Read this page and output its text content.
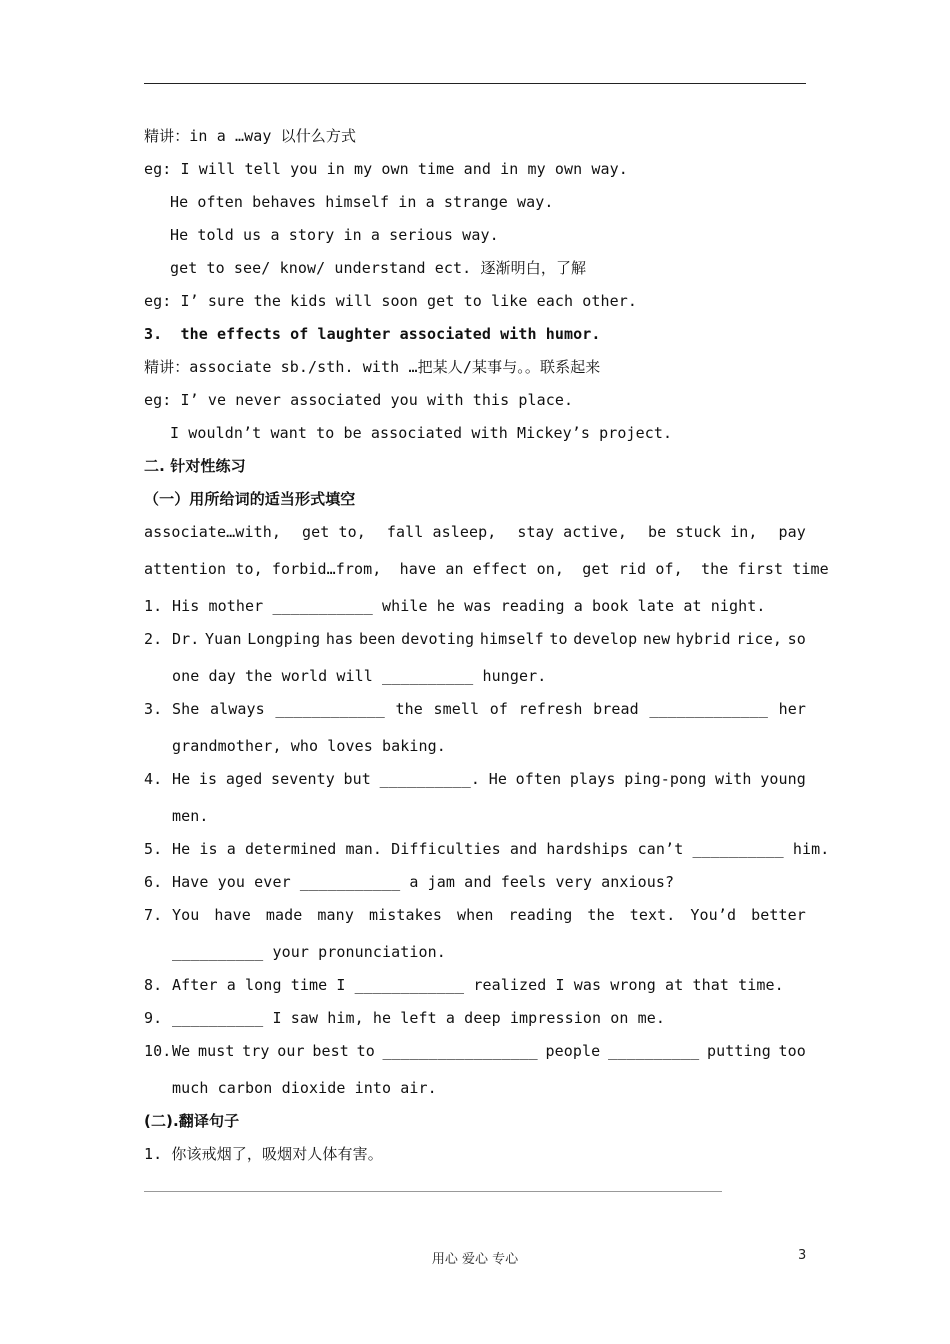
精讲：in a …way 以什么方式
eg: I will tell you in my own time and in my own way.
He often behaves himself in a strange way.
He told us a story in a serious way.
get to see/ know/ understand ect. 逐渐明白，了解
eg: I’ sure the kids will soon get to like each other.
3.  the effects of laughter associated with humor.
精讲：associate sb./sth. with …把某人/某事与。。联系起来
eg: I’ ve never associated you with this place.
I wouldn’t want to be associated with Mickey’s project.
二. 针对性练习
（一）用所给词的适当形式填空
associate…with, get to, fall asleep, stay active, be stuck in, pay
attention to, forbid…from,  have an effect on,  get rid of,  the first time
1. His mother ___________ while he was reading a book late at night.
2. Dr. Yuan Longping has been devoting himself to develop new hybrid rice, so
one day the world will __________ hunger.
3. She always ____________ the smell of refresh bread _____________ her
grandmother, who loves baking.
4. He is aged seventy but __________. He often plays ping-pong with young
men.
5. He is a determined man. Difficulties and hardships can’t __________ him.
6. Have you ever ___________ a jam and feels very anxious?
7. You have made many mistakes when reading the text. You’d better
__________ your pronunciation.
8. After a long time I ____________ realized I was wrong at that time.
9. __________ I saw him, he left a deep impression on me.
10. We must try our best to _________________ people __________ putting too
much carbon dioxide into air.
(二).翻译句子
1. 你该戒烟了，吸烟对人体有害。
用心 爱心 专心	3
